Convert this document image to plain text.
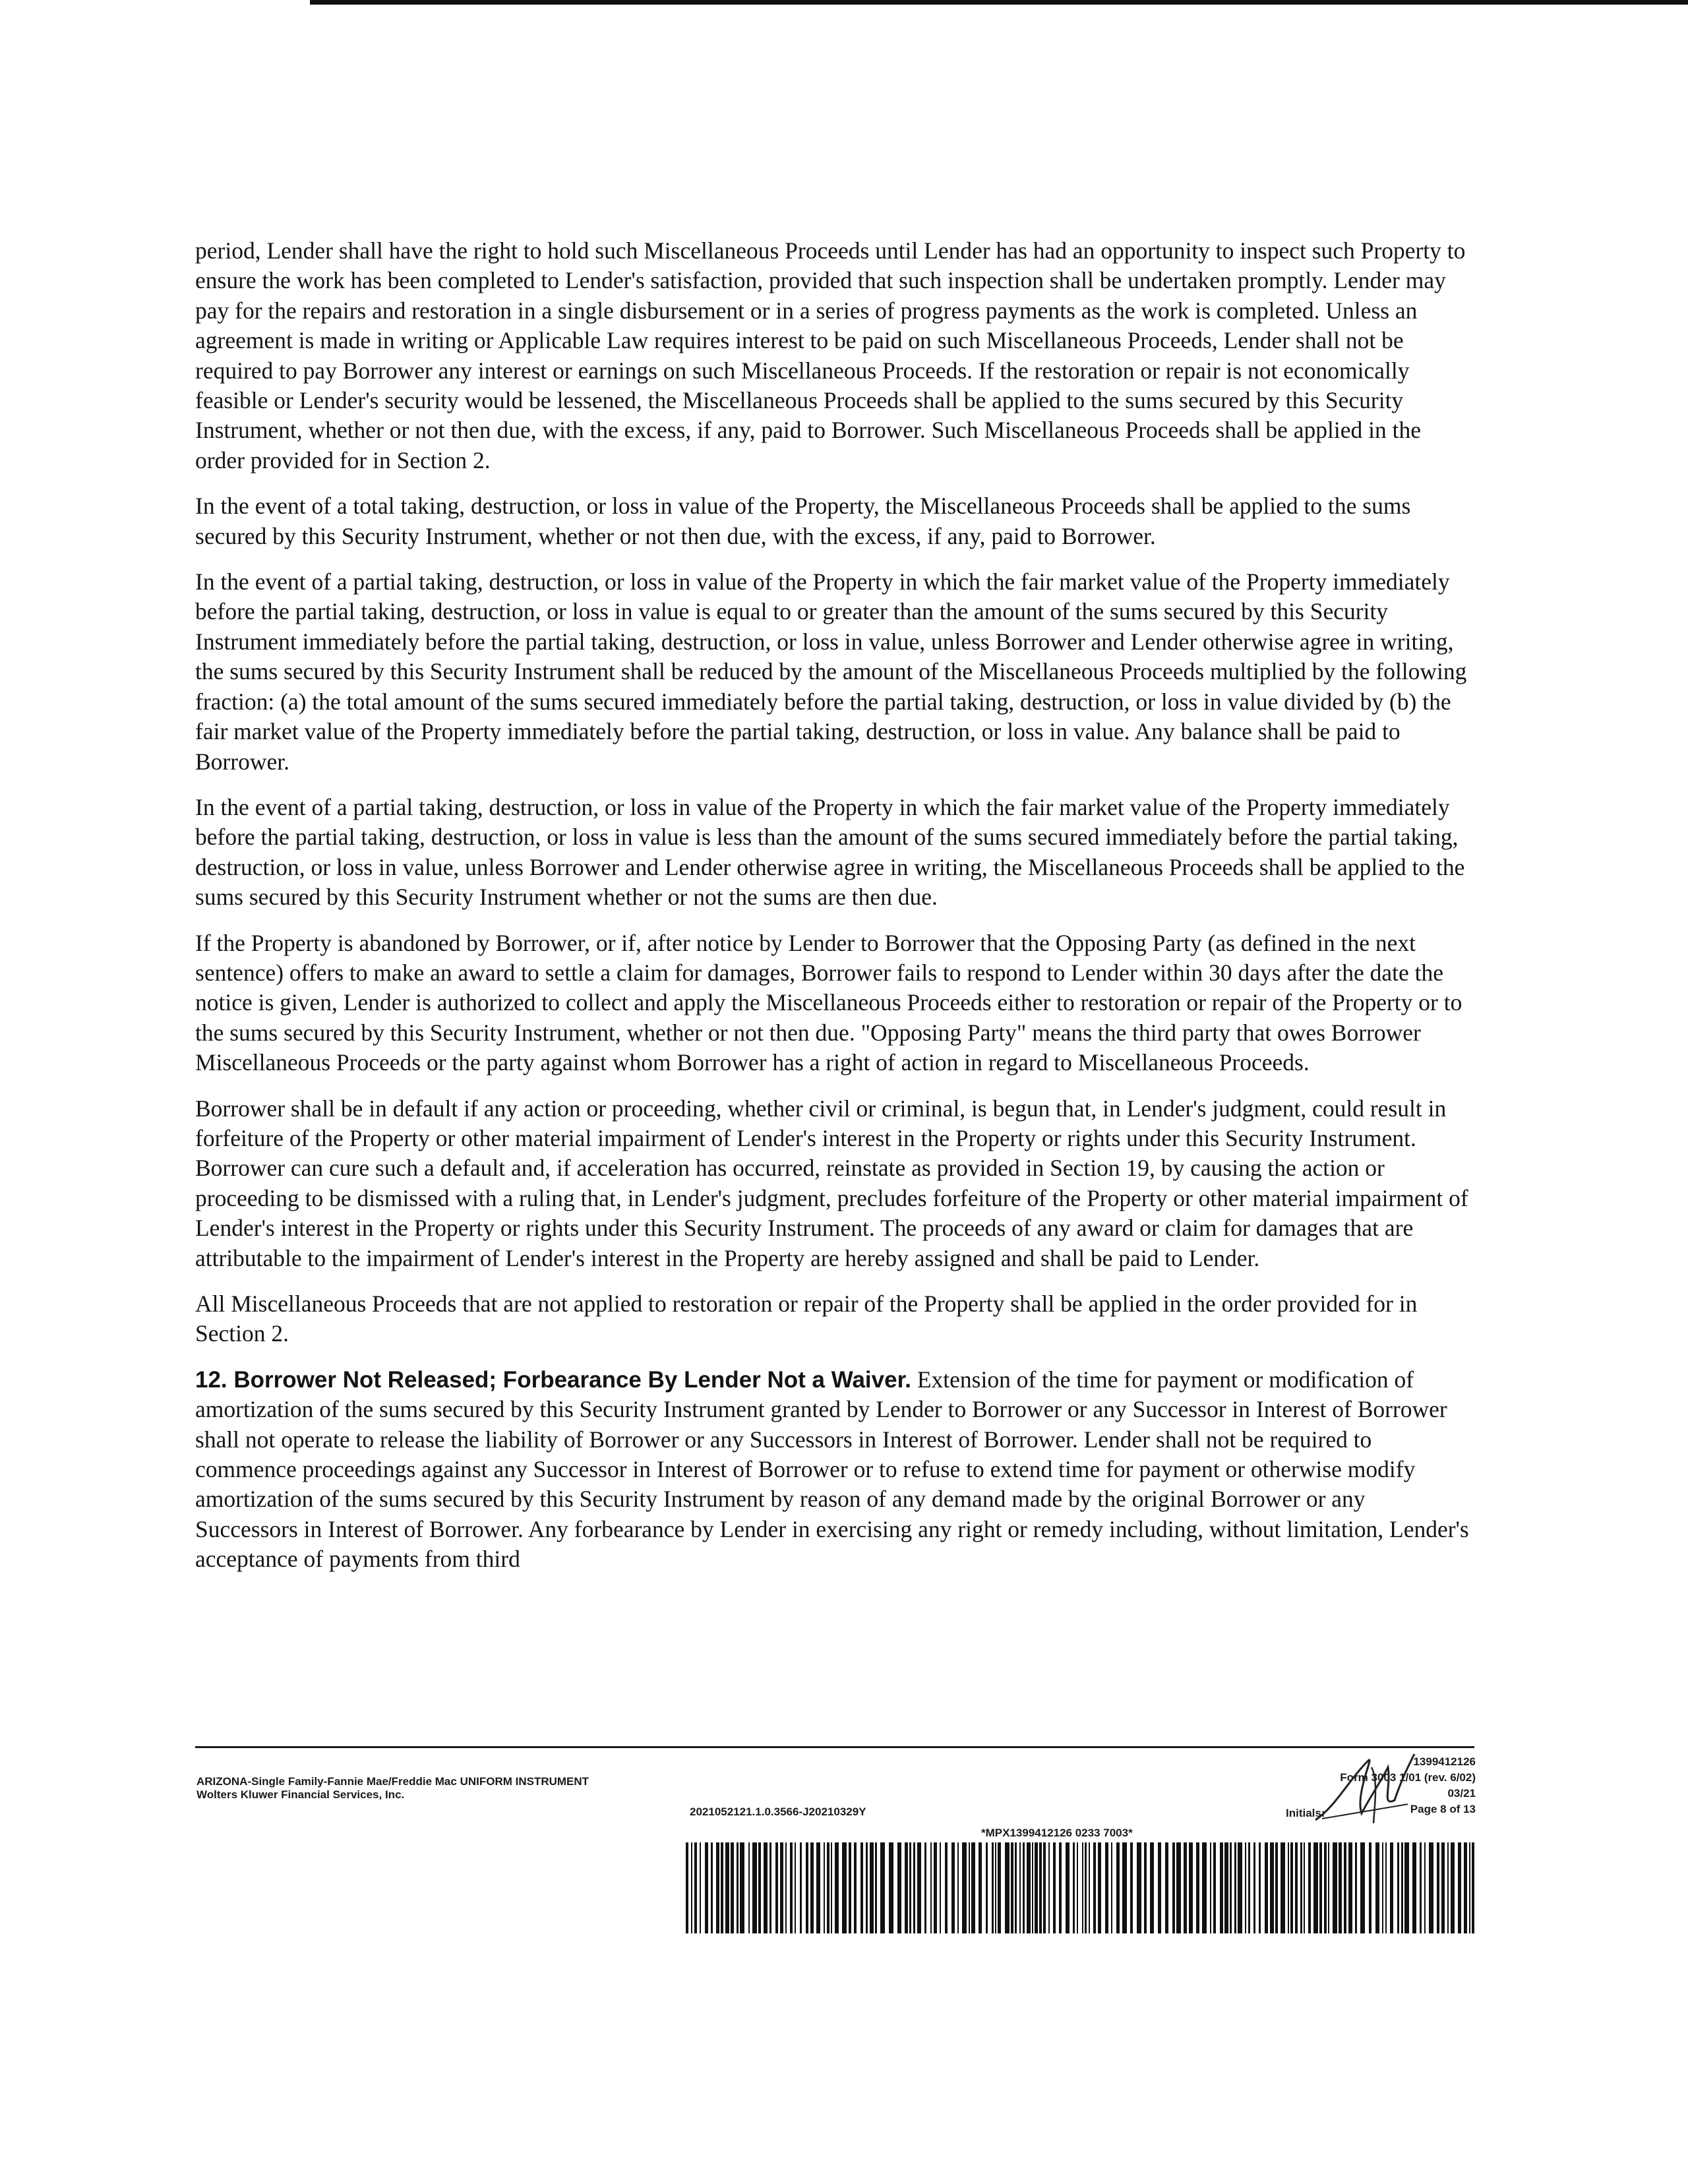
period, Lender shall have the right to hold such Miscellaneous Proceeds until Lender has had an opportunity to inspect such Property to ensure the work has been completed to Lender's satisfaction, provided that such inspection shall be undertaken promptly. Lender may pay for the repairs and restoration in a single disbursement or in a series of progress payments as the work is completed. Unless an agreement is made in writing or Applicable Law requires interest to be paid on such Miscellaneous Proceeds, Lender shall not be required to pay Borrower any interest or earnings on such Miscellaneous Proceeds. If the restoration or repair is not economically feasible or Lender's security would be lessened, the Miscellaneous Proceeds shall be applied to the sums secured by this Security Instrument, whether or not then due, with the excess, if any, paid to Borrower. Such Miscellaneous Proceeds shall be applied in the order provided for in Section 2.

In the event of a total taking, destruction, or loss in value of the Property, the Miscellaneous Proceeds shall be applied to the sums secured by this Security Instrument, whether or not then due, with the excess, if any, paid to Borrower.

In the event of a partial taking, destruction, or loss in value of the Property in which the fair market value of the Property immediately before the partial taking, destruction, or loss in value is equal to or greater than the amount of the sums secured by this Security Instrument immediately before the partial taking, destruction, or loss in value, unless Borrower and Lender otherwise agree in writing, the sums secured by this Security Instrument shall be reduced by the amount of the Miscellaneous Proceeds multiplied by the following fraction: (a) the total amount of the sums secured immediately before the partial taking, destruction, or loss in value divided by (b) the fair market value of the Property immediately before the partial taking, destruction, or loss in value. Any balance shall be paid to Borrower.

In the event of a partial taking, destruction, or loss in value of the Property in which the fair market value of the Property immediately before the partial taking, destruction, or loss in value is less than the amount of the sums secured immediately before the partial taking, destruction, or loss in value, unless Borrower and Lender otherwise agree in writing, the Miscellaneous Proceeds shall be applied to the sums secured by this Security Instrument whether or not the sums are then due.

If the Property is abandoned by Borrower, or if, after notice by Lender to Borrower that the Opposing Party (as defined in the next sentence) offers to make an award to settle a claim for damages, Borrower fails to respond to Lender within 30 days after the date the notice is given, Lender is authorized to collect and apply the Miscellaneous Proceeds either to restoration or repair of the Property or to the sums secured by this Security Instrument, whether or not then due. "Opposing Party" means the third party that owes Borrower Miscellaneous Proceeds or the party against whom Borrower has a right of action in regard to Miscellaneous Proceeds.

Borrower shall be in default if any action or proceeding, whether civil or criminal, is begun that, in Lender's judgment, could result in forfeiture of the Property or other material impairment of Lender's interest in the Property or rights under this Security Instrument. Borrower can cure such a default and, if acceleration has occurred, reinstate as provided in Section 19, by causing the action or proceeding to be dismissed with a ruling that, in Lender's judgment, precludes forfeiture of the Property or other material impairment of Lender's interest in the Property or rights under this Security Instrument. The proceeds of any award or claim for damages that are attributable to the impairment of Lender's interest in the Property are hereby assigned and shall be paid to Lender.

All Miscellaneous Proceeds that are not applied to restoration or repair of the Property shall be applied in the order provided for in Section 2.

12. Borrower Not Released; Forbearance By Lender Not a Waiver. Extension of the time for payment or modification of amortization of the sums secured by this Security Instrument granted by Lender to Borrower or any Successor in Interest of Borrower shall not operate to release the liability of Borrower or any Successors in Interest of Borrower. Lender shall not be required to commence proceedings against any Successor in Interest of Borrower or to refuse to extend time for payment or otherwise modify amortization of the sums secured by this Security Instrument by reason of any demand made by the original Borrower or any Successors in Interest of Borrower. Any forbearance by Lender in exercising any right or remedy including, without limitation, Lender's acceptance of payments from third

ARIZONA-Single Family-Fannie Mae/Freddie Mac UNIFORM INSTRUMENT
Wolters Kluwer Financial Services, Inc.
2021052121.1.0.3566-J20210329Y
1399412126
Form 3003 1/01 (rev. 6/02)
03/21
Page 8 of 13
Initials:
*MPX1399412126 0233 7003*
